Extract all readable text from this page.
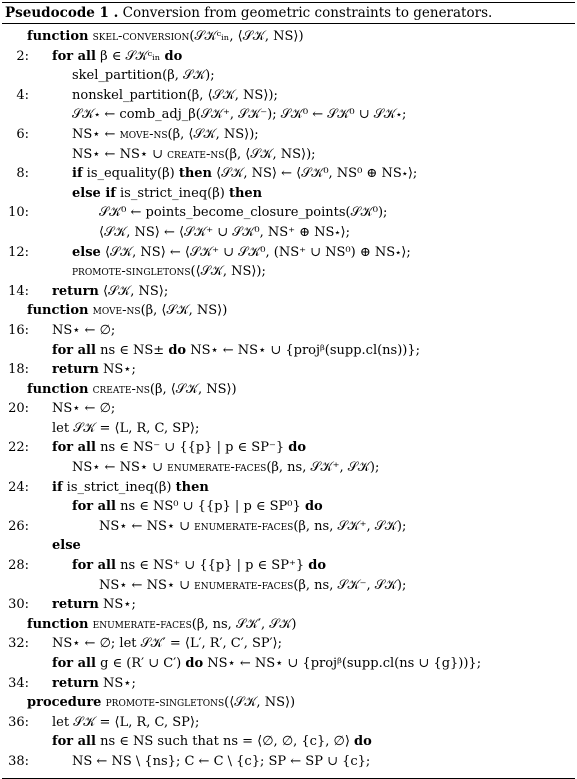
Pseudocode 1 . Conversion from geometric constraints to generators.
function skel-conversion(𝒮𝒦ᶜᵢₙ, ⟨𝒮𝒦, NS⟩)
2: for all β ∈ 𝒮𝒦ᶜᵢₙ do
skel_partition(β, 𝒮𝒦);
4:	nonskel_partition(β, ⟨𝒮𝒦, NS⟩);
𝒮𝒦⋆ ← comb_adj_β(𝒮𝒦⁺, 𝒮𝒦⁻); 𝒮𝒦⁰ ← 𝒮𝒦⁰ ∪ 𝒮𝒦⋆;
6:	NS⋆ ← move-ns(β, ⟨𝒮𝒦, NS⟩);
NS⋆ ← NS⋆ ∪ create-ns(β, ⟨𝒮𝒦, NS⟩);
8:	if is_equality(β) then ⟨𝒮𝒦, NS⟩ ← ⟨𝒮𝒦⁰, NS⁰ ⊕ NS⋆⟩;
else if is_strict_ineq(β) then
10:	𝒮𝒦⁰ ← points_become_closure_points(𝒮𝒦⁰);
⟨𝒮𝒦, NS⟩ ← ⟨𝒮𝒦⁺ ∪ 𝒮𝒦⁰, NS⁺ ⊕ NS⋆⟩;
12:	else ⟨𝒮𝒦, NS⟩ ← ⟨𝒮𝒦⁺ ∪ 𝒮𝒦⁰, (NS⁺ ∪ NS⁰) ⊕ NS⋆⟩;
promote-singletons(⟨𝒮𝒦, NS⟩);
14: return ⟨𝒮𝒦, NS⟩;
function move-ns(β, ⟨𝒮𝒦, NS⟩)
16: NS⋆ ← ∅;
for all ns ∈ NS± do NS⋆ ← NS⋆ ∪ {projᵝ(supp.cl(ns))};
18: return NS⋆;
function create-ns(β, ⟨𝒮𝒦, NS⟩)
20: NS⋆ ← ∅;
let 𝒮𝒦 = ⟨L, R, C, SP⟩;
22: for all ns ∈ NS⁻ ∪ {{p} | p ∈ SP⁻} do
NS⋆ ← NS⋆ ∪ enumerate-faces(β, ns, 𝒮𝒦⁺, 𝒮𝒦);
24: if is_strict_ineq(β) then
for all ns ∈ NS⁰ ∪ {{p} | p ∈ SP⁰} do
26:	NS⋆ ← NS⋆ ∪ enumerate-faces(β, ns, 𝒮𝒦⁺, 𝒮𝒦);
else
28:	for all ns ∈ NS⁺ ∪ {{p} | p ∈ SP⁺} do
NS⋆ ← NS⋆ ∪ enumerate-faces(β, ns, 𝒮𝒦⁻, 𝒮𝒦);
30: return NS⋆;
function enumerate-faces(β, ns, 𝒮𝒦′, 𝒮𝒦)
32: NS⋆ ← ∅; let 𝒮𝒦′ = ⟨L′, R′, C′, SP′⟩;
for all g ∈ (R′ ∪ C′) do NS⋆ ← NS⋆ ∪ {projᵝ(supp.cl(ns ∪ {g}))};
34: return NS⋆;
procedure promote-singletons(⟨𝒮𝒦, NS⟩)
36: let 𝒮𝒦 = ⟨L, R, C, SP⟩;
for all ns ∈ NS such that ns = ⟨∅, ∅, {c}, ∅⟩ do
38:	NS ← NS \ {ns}; C ← C \ {c}; SP ← SP ∪ {c};
